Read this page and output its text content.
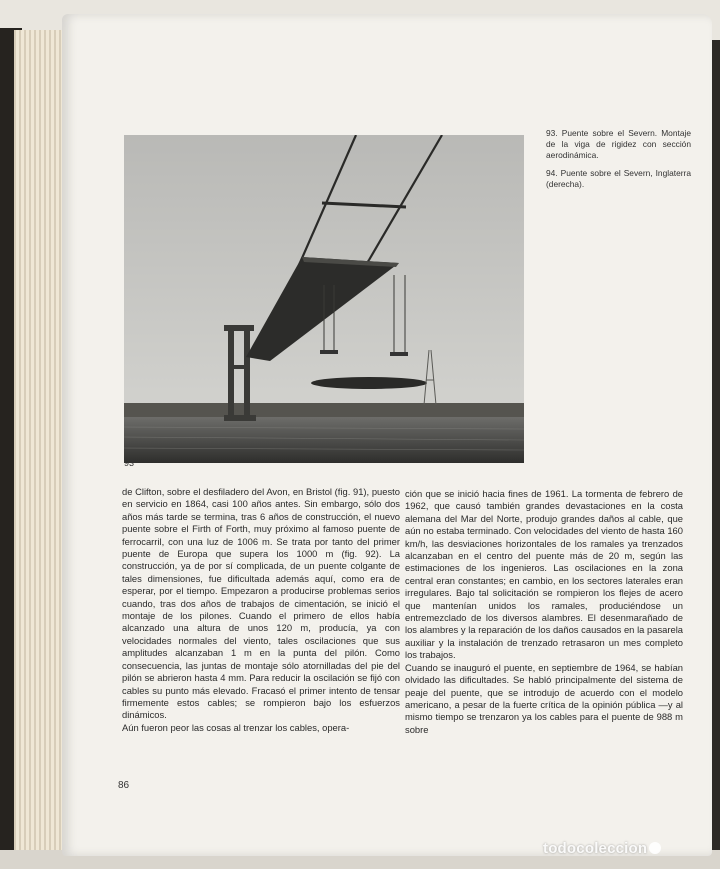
93

93. Puente sobre el Severn. Montaje de la viga de rigidez con sección aerodinámica.

94. Puente sobre el Severn, Inglaterra (derecha).

de Clifton, sobre el desfiladero del Avon, en Bristol (fig. 91), puesto en servicio en 1864, casi 100 años antes. Sin embargo, sólo dos años más tarde se termina, tras 6 años de construcción, el nuevo puente sobre el Firth of Forth, muy próximo al famoso puente de ferrocarril, con una luz de 1006 m. Se trata por tanto del primer puente de Europa que supera los 1000 m (fig. 92). La construcción, ya de por sí complicada, de un puente colgante de tales dimensiones, fue dificultada además aquí, como era de esperar, por el tiempo. Empezaron a producirse problemas serios cuando, tras dos años de trabajos de cimentación, se inició el montaje de los pilones. Cuando el primero de ellos había alcanzado una altura de unos 120 m, producía, ya con velocidades normales del viento, tales oscilaciones que sus amplitudes alcanzaban 1 m en la punta del pilón. Como consecuencia, las juntas de montaje sólo atornilladas del pie del pilón se abrieron hasta 4 mm. Para reducir la oscilación se fijó con cables su punto más elevado. Fracasó el primer intento de tensar firmemente estos cables; se rompieron bajo los esfuerzos dinámicos.

Aún fueron peor las cosas al trenzar los cables, opera-

ción que se inició hacia fines de 1961. La tormenta de febrero de 1962, que causó también grandes devastaciones en la costa alemana del Mar del Norte, produjo grandes daños al cable, que aún no estaba terminado. Con velocidades del viento de hasta 160 km/h, las desviaciones horizontales de los ramales ya trenzados alcanzaban en el centro del puente más de 20 m, según las estimaciones de los ingenieros. Las oscilaciones en la zona central eran constantes; en cambio, en los sectores laterales eran irregulares. Bajo tal solicitación se rompieron los flejes de acero que mantenían unidos los ramales, produciéndose un entremezclado de los diversos alambres. El desenmarañado de los alambres y la reparación de los daños causados en la pasarela auxiliar y la instalación de trenzado retrasaron un mes completo los trabajos.

Cuando se inauguró el puente, en septiembre de 1964, se habían olvidado las dificultades. Se habló principalmente del sistema de peaje del puente, que se introdujo de acuerdo con el modelo americano, a pesar de la fuerte crítica de la opinión pública —y al mismo tiempo se trenzaron ya los cables para el puente de 988 m sobre

86
todocoleccion
